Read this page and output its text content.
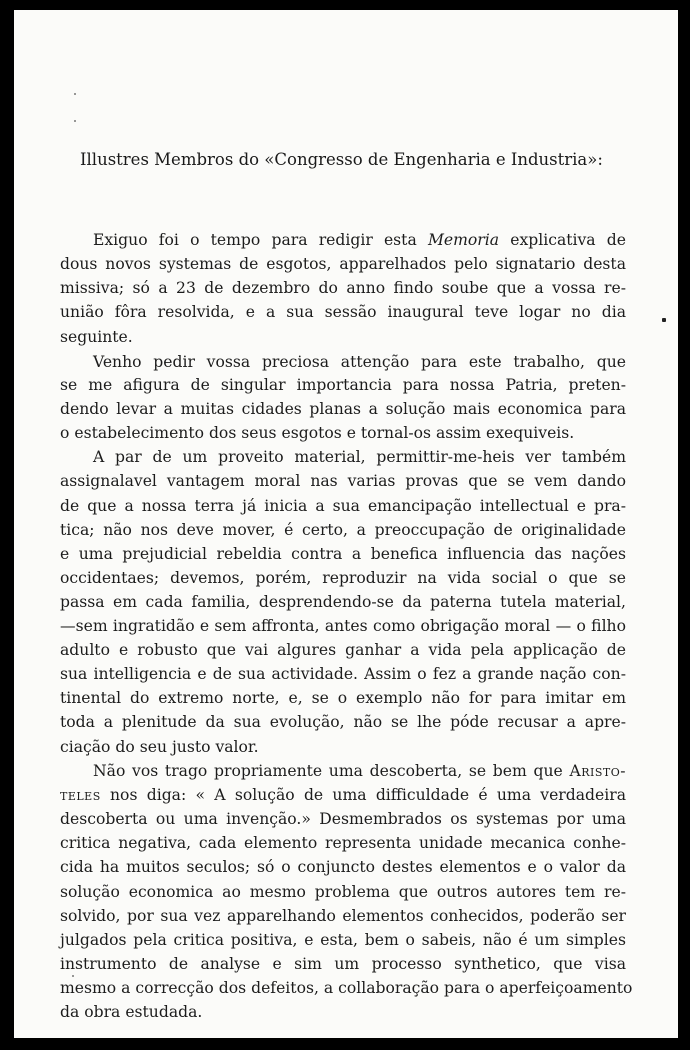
Illustres Membros do «Congresso de Engenharia e Industria»:
Exiguo foi o tempo para redigir esta Memoria explicativa de
dous novos systemas de esgotos, apparelhados pelo signatario desta
missiva; só a 23 de dezembro do anno findo soube que a vossa re-
união fôra resolvida, e a sua sessão inaugural teve logar no dia
seguinte.
Venho pedir vossa preciosa attenção para este trabalho, que
se me afigura de singular importancia para nossa Patria, preten-
dendo levar a muitas cidades planas a solução mais economica para
o estabelecimento dos seus esgotos e tornal-os assim exequiveis.
A par de um proveito material, permittir-me-heis ver também
assignalavel vantagem moral nas varias provas que se vem dando
de que a nossa terra já inicia a sua emancipação intellectual e pra-
tica; não nos deve mover, é certo, a preoccupação de originalidade
e uma prejudicial rebeldia contra a benefica influencia das nações
occidentaes; devemos, porém, reproduzir na vida social o que se
passa em cada familia, desprendendo-se da paterna tutela material,
—sem ingratidão e sem affronta, antes como obrigação moral — o filho
adulto e robusto que vai algures ganhar a vida pela applicação de
sua intelligencia e de sua actividade. Assim o fez a grande nação con-
tinental do extremo norte, e, se o exemplo não for para imitar em
toda a plenitude da sua evolução, não se lhe póde recusar a apre-
ciação do seu justo valor.
Não vos trago propriamente uma descoberta, se bem que Aristo-
teles nos diga: « A solução de uma difficuldade é uma verdadeira
descoberta ou uma invenção.» Desmembrados os systemas por uma
critica negativa, cada elemento representa unidade mecanica conhe-
cida ha muitos seculos; só o conjuncto destes elementos e o valor da
solução economica ao mesmo problema que outros autores tem re-
solvido, por sua vez apparelhando elementos conhecidos, poderão ser
julgados pela critica positiva, e esta, bem o sabeis, não é um simples
instrumento de analyse e sim um processo synthetico, que visa
mesmo a correcção dos defeitos, a collaboração para o aperfeiçoamento
da obra estudada.
